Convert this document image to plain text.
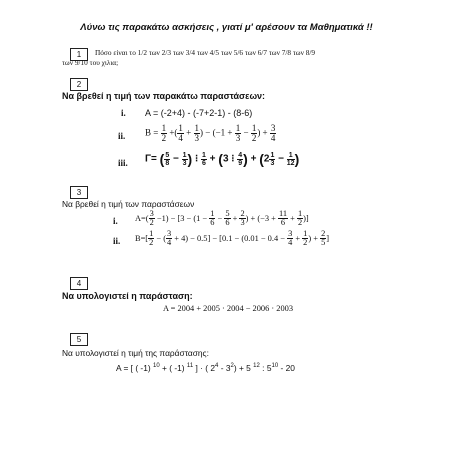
Λύνω τις παρακάτω ασκήσεις , γιατί μ' αρέσουν τα Μαθηματικά !!
1	Πόσο είναι το 1/2 των 2/3 των 3/4 των 4/5 των 5/6 των 6/7 των 7/8 των 8/9
των 9/10 του χιλια;
2
Να βρεθεί η τιμή των παρακάτω παραστάσεων:
i. Α = (-2+4) - (-7+2-1) - (8-6)
ii. $B = \frac{1}{2}$ +( $\frac{1}{4} + \frac{1}{3}$ ) − ($-1 + \frac{1}{3} - \frac{1}{2}$ ) + $\frac{3}{4}$
iii. Γ= ( $\frac{5}{8} - \frac{1}{3}$ ) ⁝ $\frac{1}{6} + (3$ ⁝ $\frac{4}{9}$ ) + ($2 \frac{1}{3} - \frac{1}{12}$ )
3
Να βρεθεί η τιμή των παραστάσεων
i. $A=( \frac{3}{2} -1) - [3 - (1 - \frac{1}{6} - \frac{5}{6} + \frac{2}{3}$ ) + ($-3 + \frac{11}{6} + \frac{1}{2}$ )]
ii. $B=[ \frac{1}{2}$ − ( $\frac{3}{4} + 4) - 0.5] - [0.1 - (0.01 - 0.4 - \frac{3}{4} + \frac{1}{2}$ ) + $\frac{2}{5}$ ]
4
Να υπολογιστεί η παράσταση:
A = 2004 + 2005 · 2004 − 2006 · 2003
5
Να υπολογιστεί η τιμή της παράστασης:
A = [ ( -1) $^{10}$ + ( -1) $^{11}$ ] · ( $2^4 - 3^2) + 5$ $^{12}$ : $5^{10} - 20$
